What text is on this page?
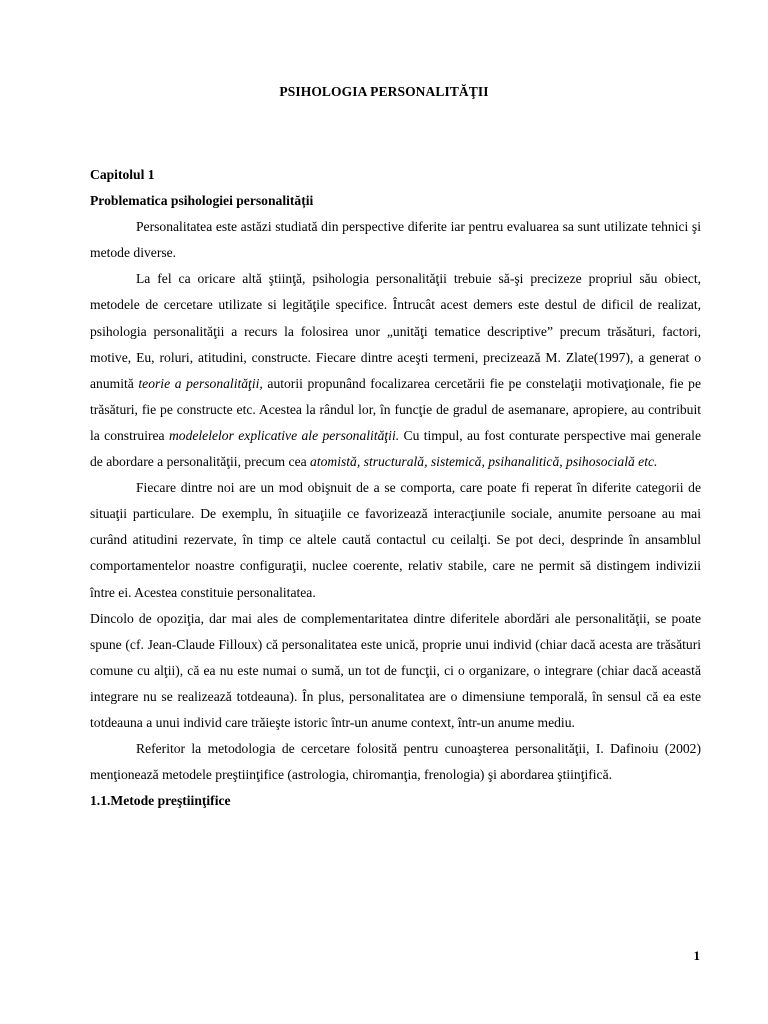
PSIHOLOGIA PERSONALITĂŢII

Capitolul 1

Problematica psihologiei personalității

Personalitatea este astăzi studiată din perspective diferite iar pentru evaluarea sa sunt utilizate tehnici şi metode diverse.

La fel ca oricare altă ştiinţă, psihologia personalităţii trebuie să-şi precizeze propriul său obiect, metodele de cercetare utilizate si legităţile specifice. Întrucât acest demers este destul de dificil de realizat, psihologia personalităţii a recurs la folosirea unor „unităţi tematice descriptive” precum trăsături, factori, motive, Eu, roluri, atitudini, constructe. Fiecare dintre aceşti termeni, precizează M. Zlate(1997), a generat o anumită teorie a personalităţii, autorii propunând focalizarea cercetării fie pe constelaţii motivaţionale, fie pe trăsături, fie pe constructe etc. Acestea la rândul lor, în funcţie de gradul de asemanare, apropiere, au contribuit la construirea modelelelor explicative ale personalităţii. Cu timpul, au fost conturate perspective mai generale de abordare a personalităţii, precum cea atomistă, structurală, sistemică, psihanalitică, psihosocială etc.

Fiecare dintre noi are un mod obişnuit de a se comporta, care poate fi reperat în diferite categorii de situaţii particulare. De exemplu, în situaţiile ce favorizează interacţiunile sociale, anumite persoane au mai curând atitudini rezervate, în timp ce altele caută contactul cu ceilalţi. Se pot deci, desprinde în ansamblul comportamentelor noastre configuraţii, nuclee coerente, relativ stabile, care ne permit să distingem indivizii între ei. Acestea constituie personalitatea.

Dincolo de opoziţia, dar mai ales de complementaritatea dintre diferitele abordări ale personalităţii, se poate spune (cf. Jean-Claude Filloux) că personalitatea este unică, proprie unui individ (chiar dacă acesta are trăsături comune cu alţii), că ea nu este numai o sumă, un tot de funcţii, ci o organizare, o integrare (chiar dacă această integrare nu se realizează totdeauna). În plus, personalitatea are o dimensiune temporală, în sensul că ea este totdeauna a unui individ care trăieşte istoric într-un anume context, într-un anume mediu.

Referitor la metodologia de cercetare folosită pentru cunoaşterea personalităţii, I. Dafinoiu (2002) menţionează metodele preştiinţifice (astrologia, chiromanţia, frenologia) şi abordarea ştiinţifică.

1.1.Metode preştiinţifice

1
